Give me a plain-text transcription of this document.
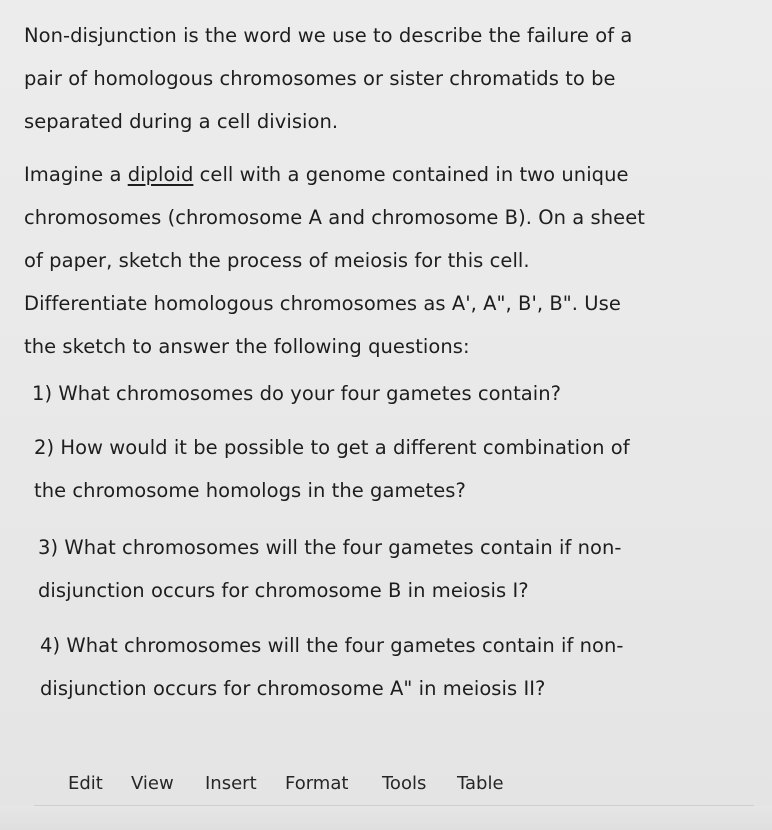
Non-disjunction is the word we use to describe the failure of a
pair of homologous chromosomes or sister chromatids to be
separated during a cell division.
Imagine a diploid cell with a genome contained in two unique
chromosomes (chromosome A and chromosome B). On a sheet
of paper, sketch the process of meiosis for this cell.
Differentiate homologous chromosomes as A', A", B', B". Use
the sketch to answer the following questions:
1) What chromosomes do your four gametes contain?
2) How would it be possible to get a different combination of
the chromosome homologs in the gametes?
3) What chromosomes will the four gametes contain if non-
disjunction occurs for chromosome B in meiosis I?
4) What chromosomes will the four gametes contain if non-
disjunction occurs for chromosome A" in meiosis II?
Edit View Insert Format Tools Table
